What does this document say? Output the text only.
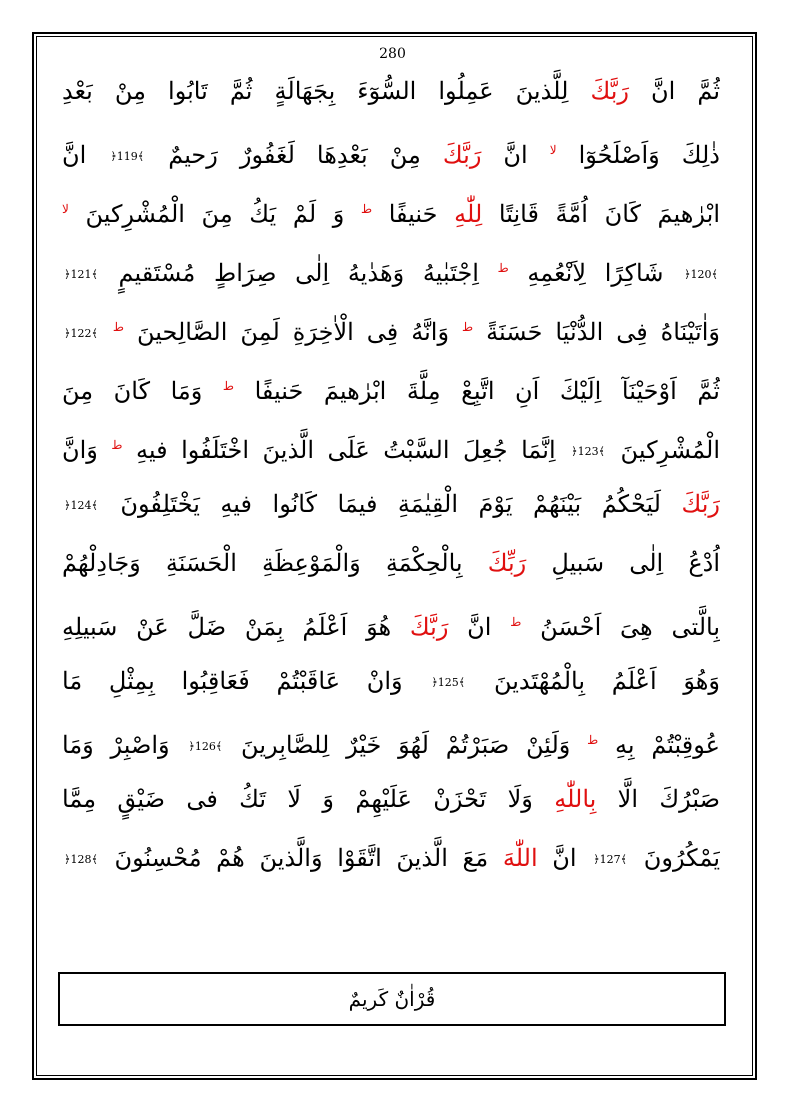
280
ثُمَّ انَّ رَبَّكَ لِلَّذينَ عَمِلُوا السُّوٓءَ بِجَهَالَةٍ ثُمَّ تَابُوا مِنْ بَعْدِ
ذٰلِكَ وَاَصْلَحُوٓا $^{لا}$ انَّ رَبَّكَ مِنْ بَعْدِهَا لَغَفُورٌ رَحيمٌ ﴿119﴾ انَّ
ابْرٰهيمَ كَانَ اُمَّةً قَانِتًا لِلّٰهِ حَنيفًا $^ط$ وَ لَمْ يَكُ مِنَ الْمُشْرِكينَ $^{لا}$
﴿120﴾ شَاكِرًا لِاَنْعُمِهِ $^ط$ اِجْتَبٰيهُ وَهَدٰيهُ اِلٰى صِرَاطٍ مُسْتَقيمٍ ﴿121﴾
وَاٰتَيْنَاهُ فِى الدُّنْيَا حَسَنَةً $^ط$ وَانَّهُ فِى الْاٰخِرَةِ لَمِنَ الصَّالِحينَ $^ط$ ﴿122﴾
ثُمَّ اَوْحَيْنَآ اِلَيْكَ اَنِ اتَّبِعْ مِلَّةَ ابْرٰهيمَ حَنيفًا $^ط$ وَمَا كَانَ مِنَ
الْمُشْرِكينَ ﴿123﴾ اِنَّمَا جُعِلَ السَّبْتُ عَلَى الَّذينَ اخْتَلَفُوا فيهِ $^ط$ وَانَّ
رَبَّكَ لَيَحْكُمُ بَيْنَهُمْ يَوْمَ الْقِيٰمَةِ فيمَا كَانُوا فيهِ يَخْتَلِفُونَ ﴿124﴾
اُدْعُ اِلٰى سَبيلِ رَبِّكَ بِالْحِكْمَةِ وَالْمَوْعِظَةِ الْحَسَنَةِ وَجَادِلْهُمْ
بِالَّتى هِىَ اَحْسَنُ $^ط$ انَّ رَبَّكَ هُوَ اَعْلَمُ بِمَنْ ضَلَّ عَنْ سَبيلِهِ
وَهُوَ اَعْلَمُ بِالْمُهْتَدينَ ﴿125﴾ وَانْ عَاقَبْتُمْ فَعَاقِبُوا بِمِثْلِ مَا
عُوقِبْتُمْ بِهِ $^ط$ وَلَئِنْ صَبَرْتُمْ لَهُوَ خَيْرٌ لِلصَّابِرينَ ﴿126﴾ وَاصْبِرْ وَمَا
صَبْرُكَ الَّا بِاللّٰهِ وَلَا تَحْزَنْ عَلَيْهِمْ وَ لَا تَكُ فى ضَيْقٍ مِمَّا
يَمْكُرُونَ ﴿127﴾ انَّ اللّٰهَ مَعَ الَّذينَ اتَّقَوْا وَالَّذينَ هُمْ مُحْسِنُونَ ﴿128﴾
قُرْاٰنٌ كَريمٌ
